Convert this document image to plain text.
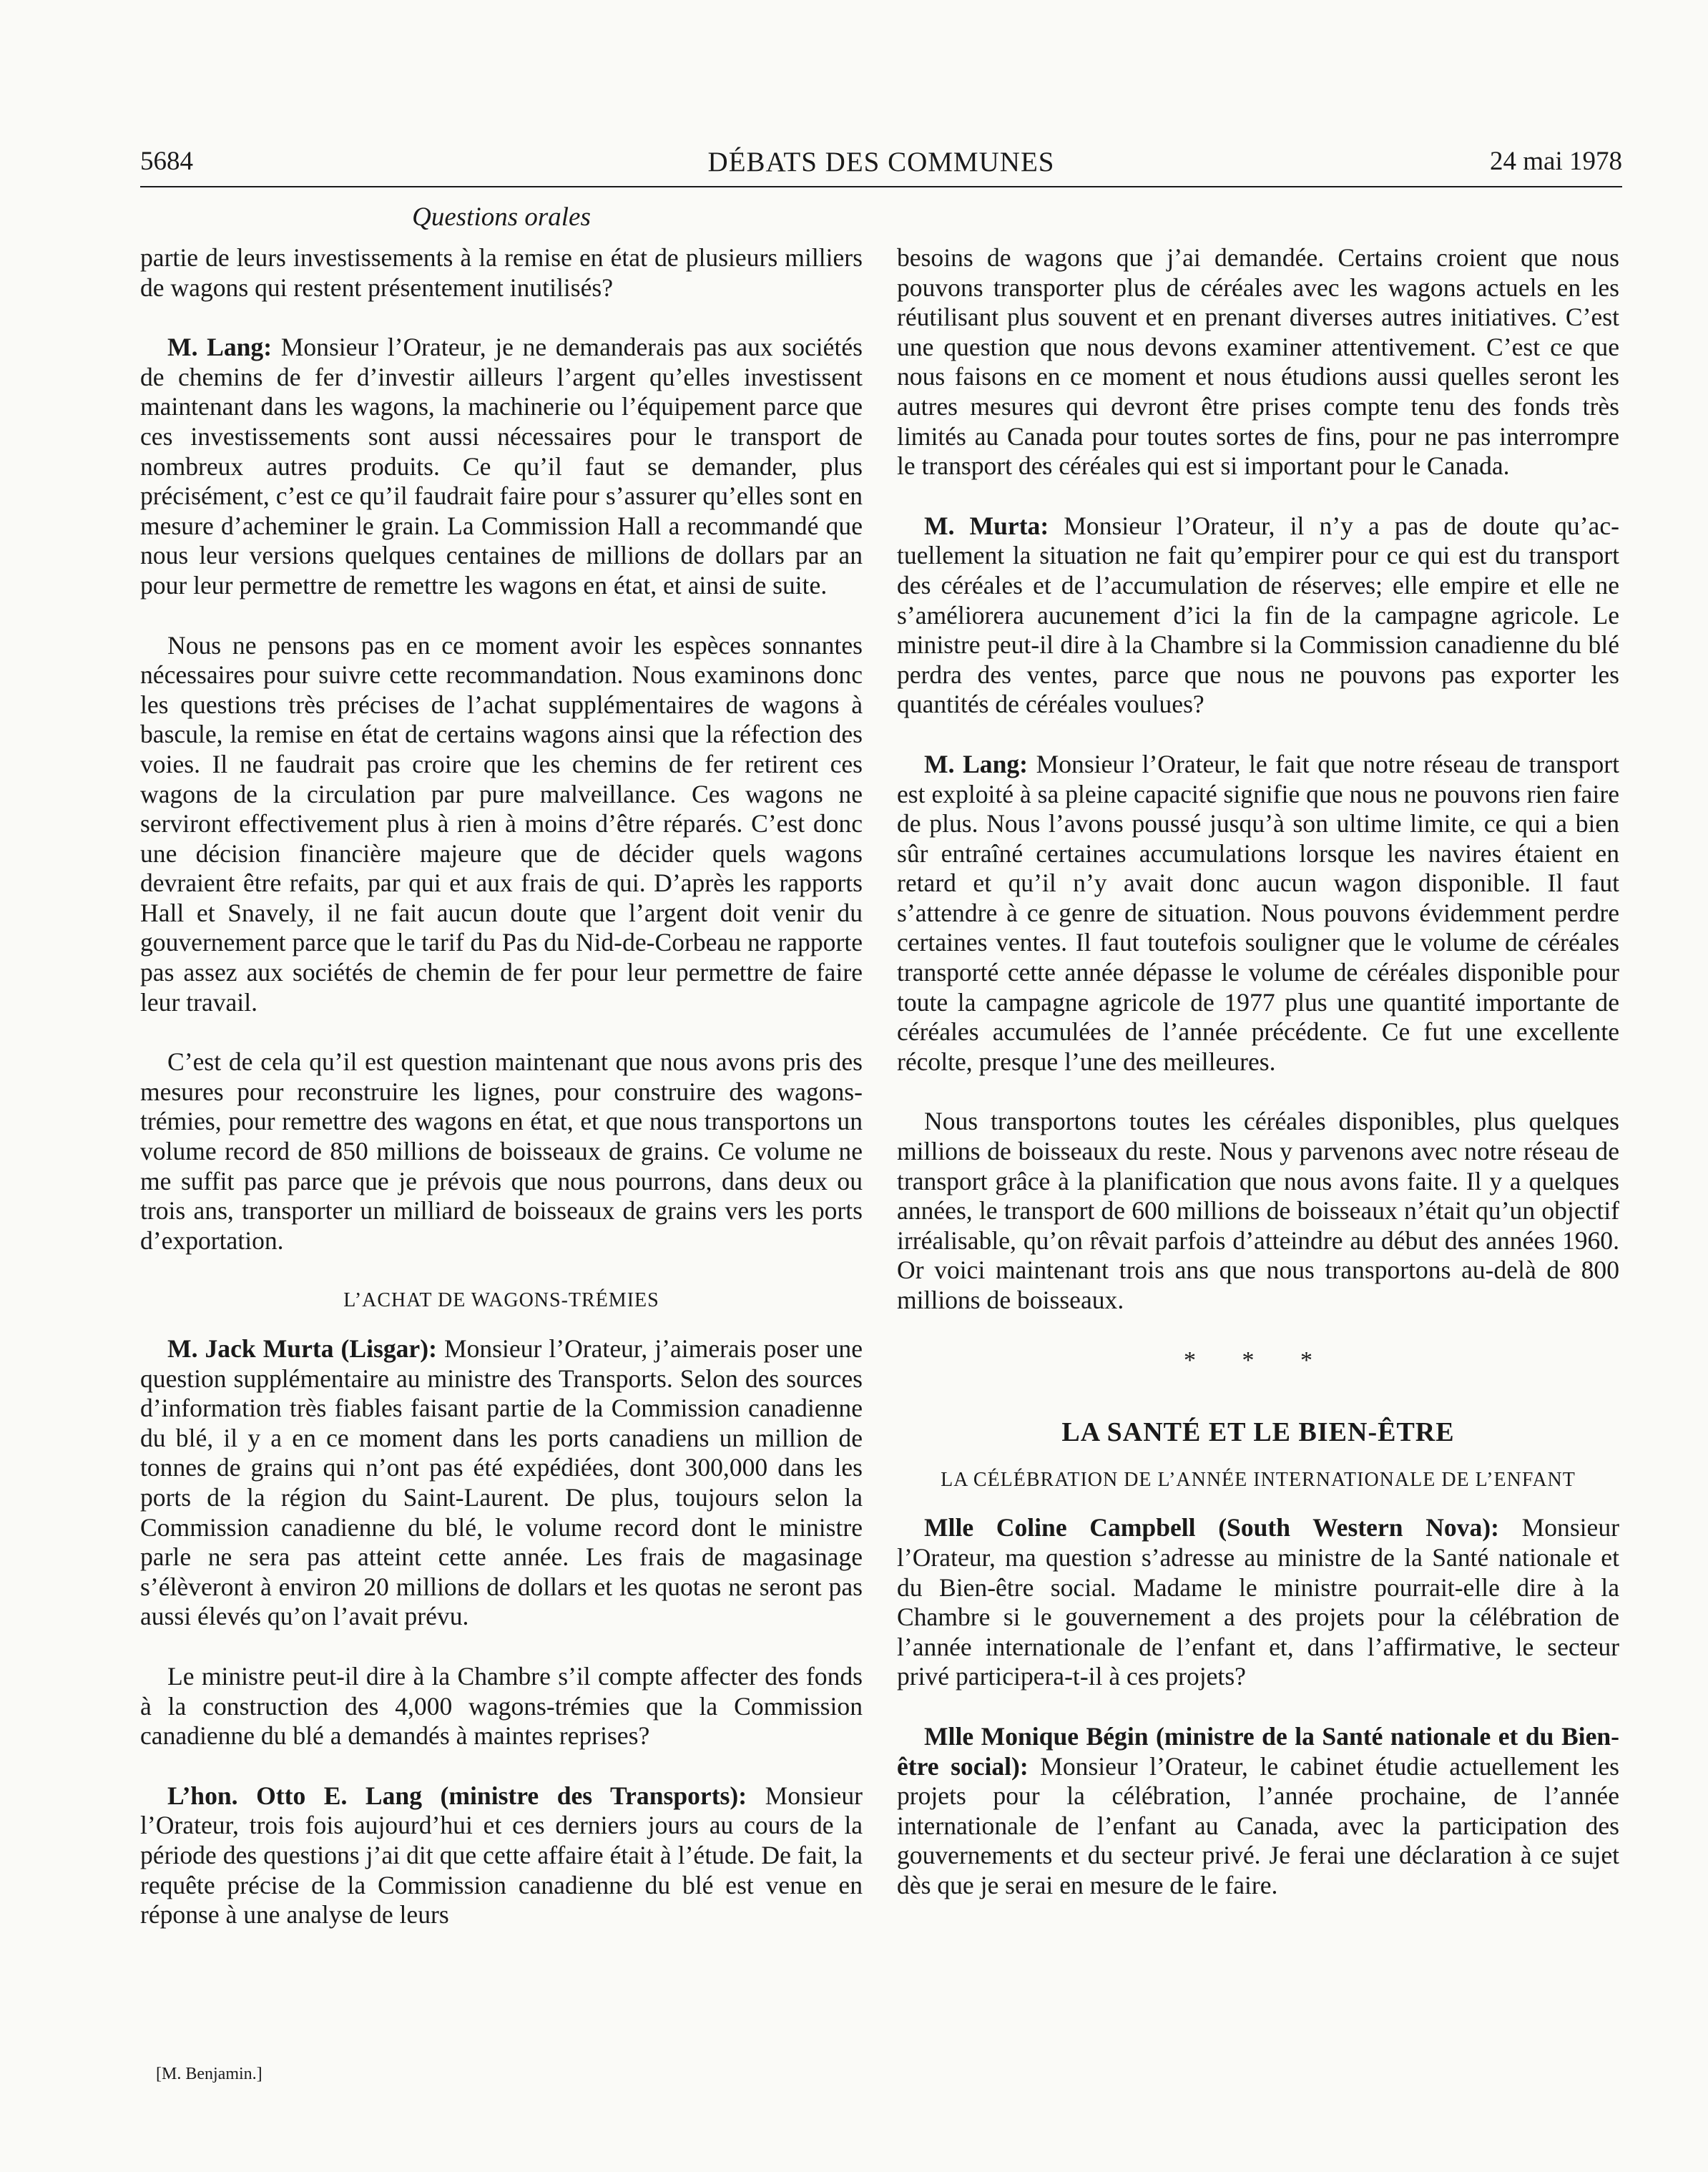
5684	DÉBATS DES COMMUNES	24 mai 1978
Questions orales

partie de leurs investissements à la remise en état de plusieurs milliers de wagons qui restent présentement inutilisés?

M. Lang: Monsieur l’Orateur, je ne demanderais pas aux sociétés de chemins de fer d’investir ailleurs l’argent qu’elles investissent maintenant dans les wagons, la machinerie ou l’équipement parce que ces investissements sont aussi nécessaires pour le transport de nombreux autres produits. Ce qu’il faut se demander, plus précisément, c’est ce qu’il faudrait faire pour s’assurer qu’elles sont en mesure d’acheminer le grain. La Commission Hall a recommandé que nous leur versions quelques centaines de millions de dollars par an pour leur permettre de remettre les wagons en état, et ainsi de suite.

Nous ne pensons pas en ce moment avoir les espèces sonnantes nécessaires pour suivre cette recommandation. Nous examinons donc les questions très précises de l’achat supplémentaires de wagons à bascule, la remise en état de certains wagons ainsi que la réfection des voies. Il ne faudrait pas croire que les chemins de fer retirent ces wagons de la circulation par pure malveillance. Ces wagons ne serviront effectivement plus à rien à moins d’être réparés. C’est donc une décision financière majeure que de décider quels wagons devraient être refaits, par qui et aux frais de qui. D’après les rapports Hall et Snavely, il ne fait aucun doute que l’argent doit venir du gouvernement parce que le tarif du Pas du Nid-de-Corbeau ne rapporte pas assez aux sociétés de chemin de fer pour leur permettre de faire leur travail.

C’est de cela qu’il est question maintenant que nous avons pris des mesures pour reconstruire les lignes, pour construire des wagons-trémies, pour remettre des wagons en état, et que nous transportons un volume record de 850 millions de boisseaux de grains. Ce volume ne me suffit pas parce que je prévois que nous pourrons, dans deux ou trois ans, transporter un milliard de boisseaux de grains vers les ports d’exportation.

L’ACHAT DE WAGONS-TRÉMIES

M. Jack Murta (Lisgar): Monsieur l’Orateur, j’aimerais poser une question supplémentaire au ministre des Transports. Selon des sources d’information très fiables faisant partie de la Commission canadienne du blé, il y a en ce moment dans les ports canadiens un million de tonnes de grains qui n’ont pas été expédiées, dont 300,000 dans les ports de la région du Saint-Laurent. De plus, toujours selon la Commission canadienne du blé, le volume record dont le ministre parle ne sera pas atteint cette année. Les frais de magasinage s’élèveront à environ 20 millions de dollars et les quotas ne seront pas aussi élevés qu’on l’avait prévu.

Le ministre peut-il dire à la Chambre s’il compte affecter des fonds à la construction des 4,000 wagons-trémies que la Commission canadienne du blé a demandés à maintes reprises?

L’hon. Otto E. Lang (ministre des Transports): Monsieur l’Orateur, trois fois aujourd’hui et ces derniers jours au cours de la période des questions j’ai dit que cette affaire était à l’étude. De fait, la requête précise de la Commission canadienne du blé est venue en réponse à une analyse de leurs

besoins de wagons que j’ai demandée. Certains croient que nous pouvons transporter plus de céréales avec les wagons actuels en les réutilisant plus souvent et en prenant diverses autres initiatives. C’est une question que nous devons examiner attentivement. C’est ce que nous faisons en ce moment et nous étudions aussi quelles seront les autres mesures qui devront être prises compte tenu des fonds très limités au Canada pour toutes sortes de fins, pour ne pas interrompre le transport des céréales qui est si important pour le Canada.

M. Murta: Monsieur l’Orateur, il n’y a pas de doute qu’actuellement la situation ne fait qu’empirer pour ce qui est du transport des céréales et de l’accumulation de réserves; elle empire et elle ne s’améliorera aucunement d’ici la fin de la campagne agricole. Le ministre peut-il dire à la Chambre si la Commission canadienne du blé perdra des ventes, parce que nous ne pouvons pas exporter les quantités de céréales voulues?

M. Lang: Monsieur l’Orateur, le fait que notre réseau de transport est exploité à sa pleine capacité signifie que nous ne pouvons rien faire de plus. Nous l’avons poussé jusqu’à son ultime limite, ce qui a bien sûr entraîné certaines accumulations lorsque les navires étaient en retard et qu’il n’y avait donc aucun wagon disponible. Il faut s’attendre à ce genre de situation. Nous pouvons évidemment perdre certaines ventes. Il faut toutefois souligner que le volume de céréales transporté cette année dépasse le volume de céréales disponible pour toute la campagne agricole de 1977 plus une quantité importante de céréales accumulées de l’année précédente. Ce fut une excellente récolte, presque l’une des meilleures.

Nous transportons toutes les céréales disponibles, plus quelques millions de boisseaux du reste. Nous y parvenons avec notre réseau de transport grâce à la planification que nous avons faite. Il y a quelques années, le transport de 600 millions de boisseaux n’était qu’un objectif irréalisable, qu’on rêvait parfois d’atteindre au début des années 1960. Or voici maintenant trois ans que nous transportons au-delà de 800 millions de boisseaux.

* * *
LA SANTÉ ET LE BIEN-ÊTRE
LA CÉLÉBRATION DE L’ANNÉE INTERNATIONALE DE L’ENFANT

Mlle Coline Campbell (South Western Nova): Monsieur l’Orateur, ma question s’adresse au ministre de la Santé nationale et du Bien-être social. Madame le ministre pourrait-elle dire à la Chambre si le gouvernement a des projets pour la célébration de l’année internationale de l’enfant et, dans l’affirmative, le secteur privé participera-t-il à ces projets?

Mlle Monique Bégin (ministre de la Santé nationale et du Bien-être social): Monsieur l’Orateur, le cabinet étudie actuellement les projets pour la célébration, l’année prochaine, de l’année internationale de l’enfant au Canada, avec la participation des gouvernements et du secteur privé. Je ferai une déclaration à ce sujet dès que je serai en mesure de le faire.

[M. Benjamin.]
